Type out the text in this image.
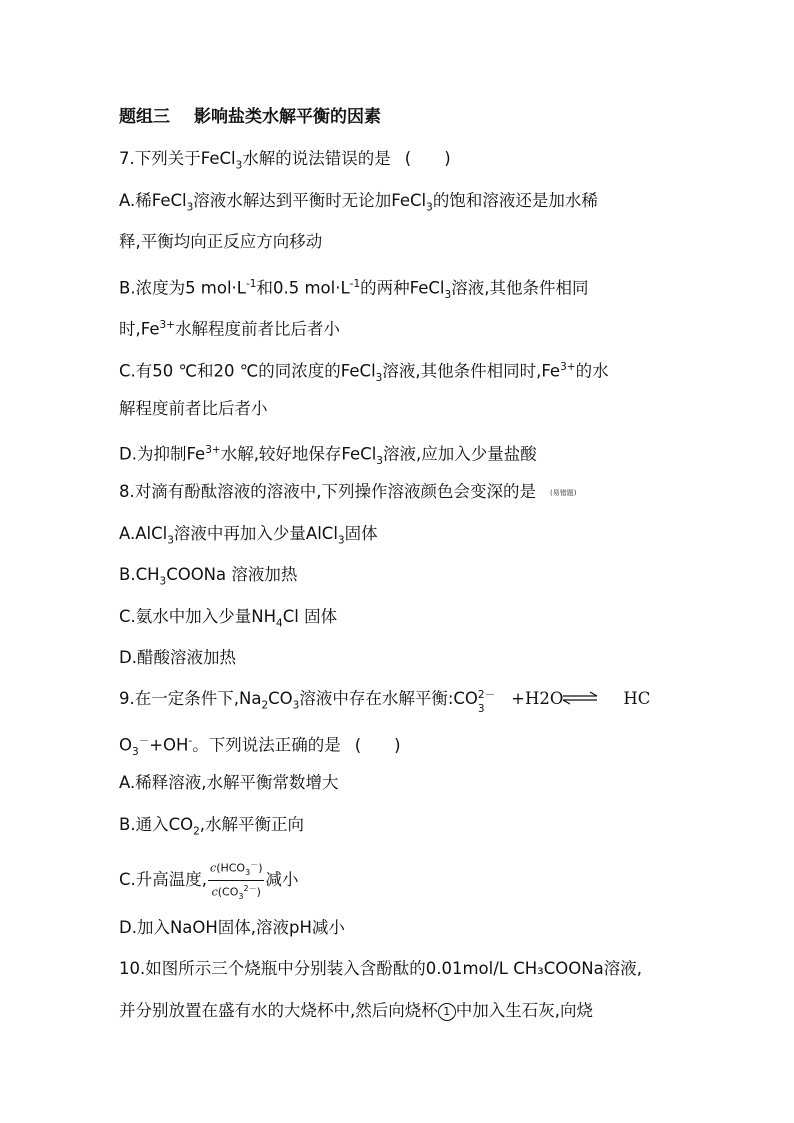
题组三 影响盐类水解平衡的因素
7.下列关于FeCl$_3$水解的说法错误的是 (　　)
A.稀FeCl$_3$溶液水解达到平衡时无论加FeCl$_3$的饱和溶液还是加水稀
释,平衡均向正反应方向移动
B.浓度为5 $mol\cdot L^{-1}$和0.5 $mol\cdot L^{-1}$的两种FeCl$_3$溶液,其他条件相同
时$,Fe^{3+}$水解程度前者比后者小
C.有50 ℃和20 ℃的同浓度的FeCl$_3$溶液,其他条件相同时$,Fe^{3+}$的水
解程度前者比后者小
D.为抑制$Fe^{3+}$水解,较好地保存FeCl$_3$溶液,应加入少量盐酸
8.对滴有酚酞溶液的溶液中,下列操作溶液颜色会变深的是 (易错题)
A.AlCl$_3$溶液中再加入少量AlCl$_3$固体
$B.CH_3COONa$ 溶液加热
C.氨水中加入少量$NH_4Cl$ 固体
D.醋酸溶液加热
9.在一定条件下$,Na_2CO_3$溶液中存在水解平衡:CO 2－
3
+H2O⇌ HC
$O_3^-+OH^-$。下列说法正确的是 (　　)
A.稀释溶液,水解平衡常数增大
B.通入$CO_2$,水解平衡正向
C.升高温度, $\frac{c(HCO_3^-)}{c(CO_3^{2-})}$ 减小
D.加入NaOH固体,溶液pH减小
10.如图所示三个烧瓶中分别装入含酚酞的0.01mol/L CH₃COONa溶液,
并分别放置在盛有水的大烧杯中,然后向烧杯 1 中加入生石灰,向烧
